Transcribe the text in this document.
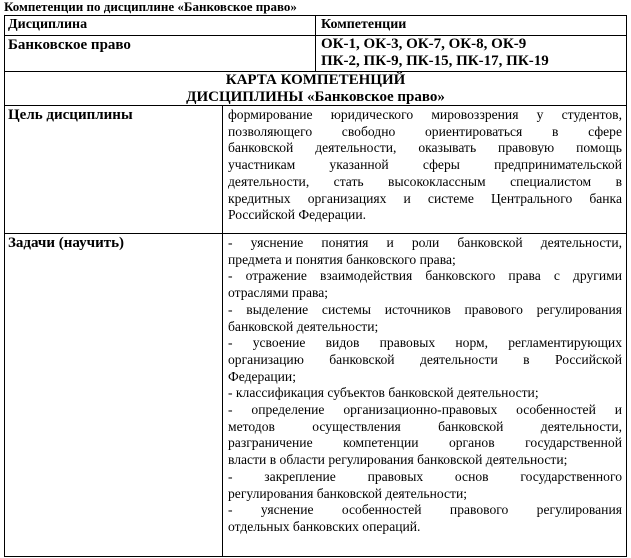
Компетенции по дисциплине «Банковское право»
Дисциплина	Компетенции
Банковское право	ОК-1, ОК-3, ОК-7, ОК-8, ОК-9
ПК-2, ПК-9, ПК-15, ПК-17, ПК-19
КАРТА КОМПЕТЕНЦИЙ
ДИСЦИПЛИНЫ «Банковское право»
Цель дисциплины	формирование юридического мировоззрения у студентов,
позволяющего свободно ориентироваться в сфере
банковской деятельности, оказывать правовую помощь
участникам указанной сферы предпринимательской
деятельности, стать высококлассным специалистом в
кредитных организациях и системе Центрального банка
Российской Федерации.
Задачи (научить)	- уяснение понятия и роли банковской деятельности,
предмета и понятия банковского права;
- отражение взаимодействия банковского права с другими
отраслями права;
- выделение системы источников правового регулирования
банковской деятельности;
- усвоение видов правовых норм, регламентирующих
организацию банковской деятельности в Российской
Федерации;
- классификация субъектов банковской деятельности;
- определение организационно-правовых особенностей и
методов осуществления банковской деятельности,
разграничение компетенции органов государственной
власти в области регулирования банковской деятельности;
- закрепление правовых основ государственного
регулирования банковской деятельности;
- уяснение особенностей правового регулирования
отдельных банковских операций.
